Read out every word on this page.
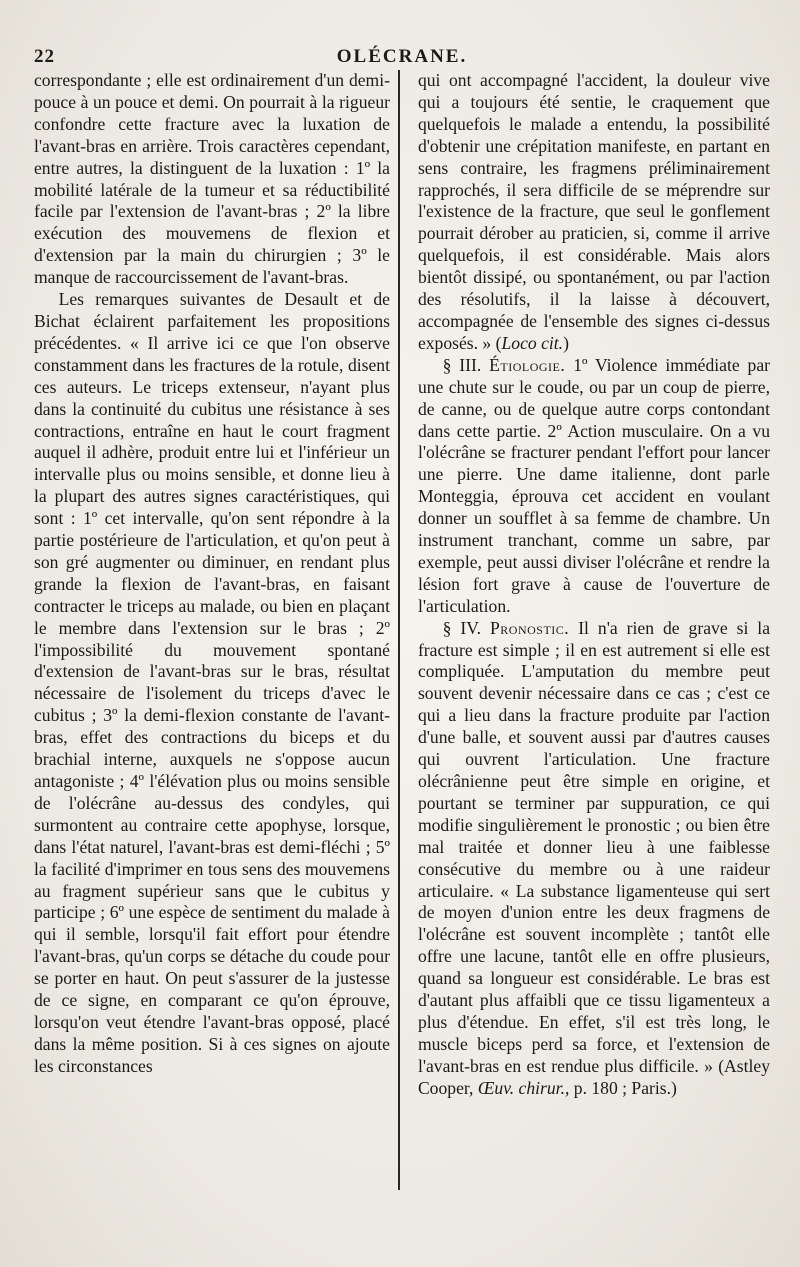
22	OLÉCRANE.

correspondante ; elle est ordinairement d'un demi-pouce à un pouce et demi. On pourrait à la rigueur confondre cette fracture avec la luxation de l'avant-bras en arrière. Trois caractères cependant, entre autres, la distinguent de la luxation : 1º la mobilité latérale de la tumeur et sa réductibilité facile par l'extension de l'avant-bras ; 2º la libre exécution des mouvemens de flexion et d'extension par la main du chirurgien ; 3º le manque de raccourcissement de l'avant-bras.

Les remarques suivantes de Desault et de Bichat éclairent parfaitement les propositions précédentes. « Il arrive ici ce que l'on observe constamment dans les fractures de la rotule, disent ces auteurs. Le triceps extenseur, n'ayant plus dans la continuité du cubitus une résistance à ses contractions, entraîne en haut le court fragment auquel il adhère, produit entre lui et l'inférieur un intervalle plus ou moins sensible, et donne lieu à la plupart des autres signes caractéristiques, qui sont : 1º cet intervalle, qu'on sent répondre à la partie postérieure de l'articulation, et qu'on peut à son gré augmenter ou diminuer, en rendant plus grande la flexion de l'avant-bras, en faisant contracter le triceps au malade, ou bien en plaçant le membre dans l'extension sur le bras ; 2º l'impossibilité du mouvement spontané d'extension de l'avant-bras sur le bras, résultat nécessaire de l'isolement du triceps d'avec le cubitus ; 3º la demi-flexion constante de l'avant-bras, effet des contractions du biceps et du brachial interne, auxquels ne s'oppose aucun antagoniste ; 4º l'élévation plus ou moins sensible de l'olécrâne au-dessus des condyles, qui surmontent au contraire cette apophyse, lorsque, dans l'état naturel, l'avant-bras est demi-fléchi ; 5º la facilité d'imprimer en tous sens des mouvemens au fragment supérieur sans que le cubitus y participe ; 6º une espèce de sentiment du malade à qui il semble, lorsqu'il fait effort pour étendre l'avant-bras, qu'un corps se détache du coude pour se porter en haut. On peut s'assurer de la justesse de ce signe, en comparant ce qu'on éprouve, lorsqu'on veut étendre l'avant-bras opposé, placé dans la même position. Si à ces signes on ajoute les circonstances

qui ont accompagné l'accident, la douleur vive qui a toujours été sentie, le craquement que quelquefois le malade a entendu, la possibilité d'obtenir une crépitation manifeste, en partant en sens contraire, les fragmens préliminairement rapprochés, il sera difficile de se méprendre sur l'existence de la fracture, que seul le gonflement pourrait dérober au praticien, si, comme il arrive quelquefois, il est considérable. Mais alors bientôt dissipé, ou spontanément, ou par l'action des résolutifs, il la laisse à découvert, accompagnée de l'ensemble des signes ci-dessus exposés. » (Loco cit.)

§ III. Étiologie. 1º Violence immédiate par une chute sur le coude, ou par un coup de pierre, de canne, ou de quelque autre corps contondant dans cette partie. 2º Action musculaire. On a vu l'olécrâne se fracturer pendant l'effort pour lancer une pierre. Une dame italienne, dont parle Monteggia, éprouva cet accident en voulant donner un soufflet à sa femme de chambre. Un instrument tranchant, comme un sabre, par exemple, peut aussi diviser l'olécrâne et rendre la lésion fort grave à cause de l'ouverture de l'articulation.

§ IV. Pronostic. Il n'a rien de grave si la fracture est simple ; il en est autrement si elle est compliquée. L'amputation du membre peut souvent devenir nécessaire dans ce cas ; c'est ce qui a lieu dans la fracture produite par l'action d'une balle, et souvent aussi par d'autres causes qui ouvrent l'articulation. Une fracture olécrânienne peut être simple en origine, et pourtant se terminer par suppuration, ce qui modifie singulièrement le pronostic ; ou bien être mal traitée et donner lieu à une faiblesse consécutive du membre ou à une raideur articulaire. « La substance ligamenteuse qui sert de moyen d'union entre les deux fragmens de l'olécrâne est souvent incomplète ; tantôt elle offre une lacune, tantôt elle en offre plusieurs, quand sa longueur est considérable. Le bras est d'autant plus affaibli que ce tissu ligamenteux a plus d'étendue. En effet, s'il est très long, le muscle biceps perd sa force, et l'extension de l'avant-bras en est rendue plus difficile. » (Astley Cooper, Œuv. chirur., p. 180 ; Paris.)
